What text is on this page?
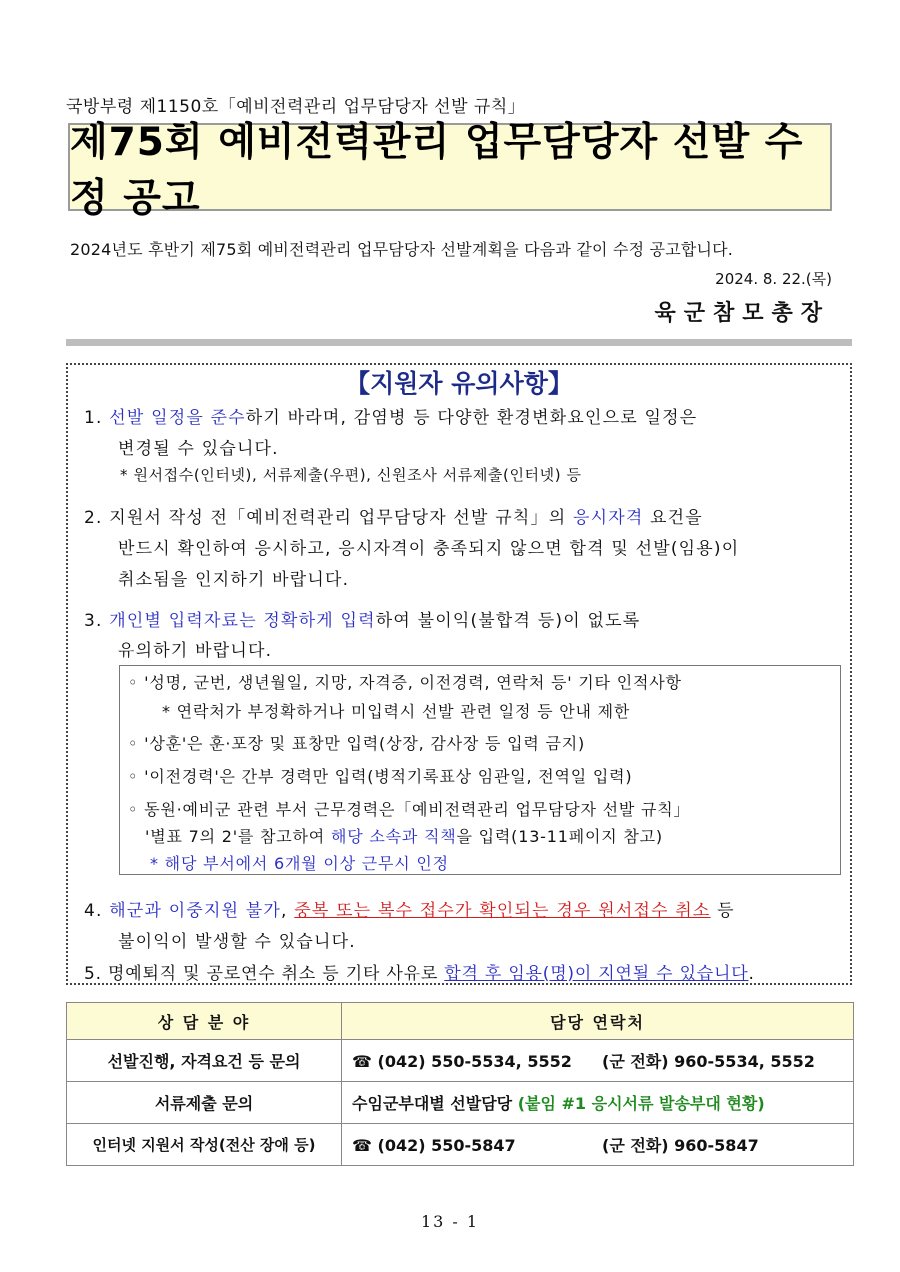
국방부령 제1150호「예비전력관리 업무담당자 선발 규칙」
제75회 예비전력관리 업무담당자 선발 수정 공고
2024년도 후반기 제75회 예비전력관리 업무담당자 선발계획을 다음과 같이 수정 공고합니다.
2024. 8. 22.(목)
육군참모총장
【지원자 유의사항】
1. 선발 일정을 준수하기 바라며, 감염병 등 다양한 환경변화요인으로 일정은
변경될 수 있습니다.
* 원서접수(인터넷), 서류제출(우편), 신원조사 서류제출(인터넷) 등
2. 지원서 작성 전「예비전력관리 업무담당자 선발 규칙」의 응시자격 요건을
반드시 확인하여 응시하고, 응시자격이 충족되지 않으면 합격 및 선발(임용)이
취소됨을 인지하기 바랍니다.
3. 개인별 입력자료는 정확하게 입력하여 불이익(불합격 등)이 없도록
유의하기 바랍니다.
◦ '성명, 군번, 생년월일, 지망, 자격증, 이전경력, 연락처 등' 기타 인적사항
* 연락처가 부정확하거나 미입력시 선발 관련 일정 등 안내 제한
◦ '상훈'은 훈·포장 및 표창만 입력(상장, 감사장 등 입력 금지)
◦ '이전경력'은 간부 경력만 입력(병적기록표상 임관일, 전역일 입력)
◦ 동원·예비군 관련 부서 근무경력은「예비전력관리 업무담당자 선발 규칙」
'별표 7의 2'를 참고하여 해당 소속과 직책을 입력(13-11페이지 참고)
* 해당 부서에서 6개월 이상 근무시 인정
4. 해군과 이중지원 불가, 중복 또는 복수 접수가 확인되는 경우 원서접수 취소 등
불이익이 발생할 수 있습니다.
5. 명예퇴직 및 공로연수 취소 등 기타 사유로 합격 후 임용(명)이 지연될 수 있습니다.
상 담 분 야	담당 연락처
선발진행, 자격요건 등 문의	☎ (042) 550-5534, 5552 (군 전화) 960-5534, 5552
서류제출 문의	수임군부대별 선발담당 (붙임 #1 응시서류 발송부대 현황)
인터넷 지원서 작성(전산 장애 등)	☎ (042) 550-5847 (군 전화) 960-5847
13 - 1
